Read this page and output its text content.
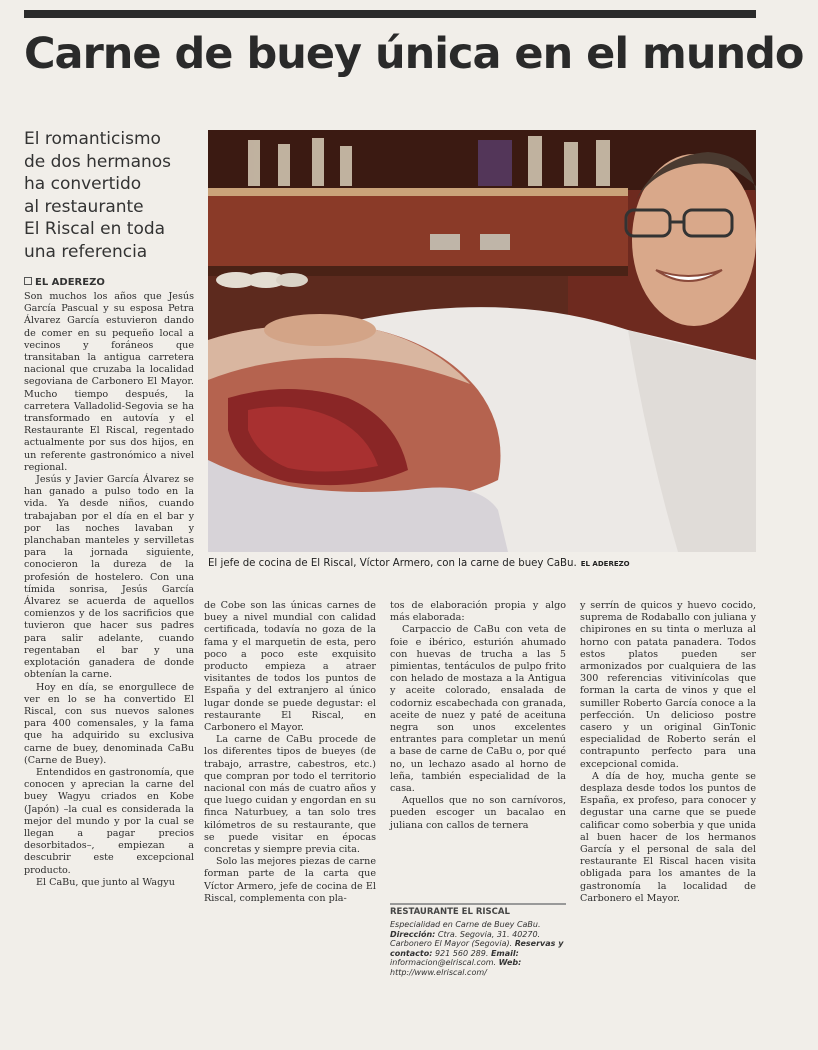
Carne de buey única en el mundo
El romanticismo
de dos hermanos
ha convertido
al restaurante
El Riscal en toda
una referencia
EL ADEREZO
El jefe de cocina de El Riscal, Víctor Armero, con la carne de buey CaBu. EL ADEREZO

Son muchos los años que Jesús García Pascual y su esposa Petra Álvarez García estuvieron dando de comer en su pequeño local a vecinos y foráneos que transitaban la antigua carretera nacional que cruzaba la localidad segoviana de Carbonero El Mayor. Mucho tiempo después, la carretera Valladolid-Segovia se ha transformado en autovía y el Restaurante El Riscal, regentado actualmente por sus dos hijos, en un referente gastronómico a nivel regional.

Jesús y Javier García Álvarez se han ganado a pulso todo en la vida. Ya desde niños, cuando trabajaban por el día en el bar y por las noches lavaban y planchaban manteles y servilletas para la jornada siguiente, conocieron la dureza de la profesión de hostelero. Con una tímida sonrisa, Jesús García Álvarez se acuerda de aquellos comienzos y de los sacrificios que tuvieron que hacer sus padres para salir adelante, cuando regentaban el bar y una explotación ganadera de donde obtenían la carne.

Hoy en día, se enorgullece de ver en lo se ha convertido El Riscal, con sus nuevos salones para 400 comensales, y la fama que ha adquirido su exclusiva carne de buey, denominada CaBu (Carne de Buey).

Entendidos en gastronomía, que conocen y aprecian la carne del buey Wagyu criados en Kobe (Japón) –la cual es considerada la mejor del mundo y por la cual se llegan a pagar precios desorbitados–, empiezan a descubrir este excepcional producto.

El CaBu, que junto al Wagyu

de Cobe son las únicas carnes de buey a nivel mundial con calidad certificada, todavía no goza de la fama y el marquetin de esta, pero poco a poco este exquisito producto empieza a atraer visitantes de todos los puntos de España y del extranjero al único lugar donde se puede degustar: el restaurante El Riscal, en Carbonero el Mayor.

La carne de CaBu procede de los diferentes tipos de bueyes (de trabajo, arrastre, cabestros, etc.) que compran por todo el territorio nacional con más de cuatro años y que luego cuidan y engordan en su finca Naturbuey, a tan solo tres kilómetros de su restaurante, que se puede visitar en épocas concretas y siempre previa cita.

Solo las mejores piezas de carne forman parte de la carta que Víctor Armero, jefe de cocina de El Riscal, complementa con pla-

tos de elaboración propia y algo más elaborada:

Carpaccio de CaBu con veta de foie e ibérico, esturión ahumado con huevas de trucha a las 5 pimientas, tentáculos de pulpo frito con helado de mostaza a la Antigua y aceite colorado, ensalada de codorniz escabechada con granada, aceite de nuez y paté de aceituna negra son unos excelentes entrantes para completar un menú a base de carne de CaBu o, por qué no, un lechazo asado al horno de leña, también especialidad de la casa.

Aquellos que no son carnívoros, pueden escoger un bacalao en juliana con callos de ternera

y serrín de quicos y huevo cocido, suprema de Rodaballo con juliana y chipirones en su tinta o merluza al horno con patata panadera. Todos estos platos pueden ser armonizados por cualquiera de las 300 referencias vitivinícolas que forman la carta de vinos y que el sumiller Roberto García conoce a la perfección. Un delicioso postre casero y un original GinTonic especialidad de Roberto serán el contrapunto perfecto para una excepcional comida.

A día de hoy, mucha gente se desplaza desde todos los puntos de España, ex profeso, para conocer y degustar una carne que se puede calificar como soberbia y que unida al buen hacer de los hermanos García y el personal de sala del restaurante El Riscal hacen visita obligada para los amantes de la gastronomía la localidad de Carbonero el Mayor.

RESTAURANTE EL RISCAL
Especialidad en Carne de Buey CaBu.
Dirección: Ctra. Segovia, 31. 40270. Carbonero El Mayor (Segovia). Reservas y contacto: 921 560 289. Email: informacion@elriscal.com. Web: http://www.elriscal.com/
